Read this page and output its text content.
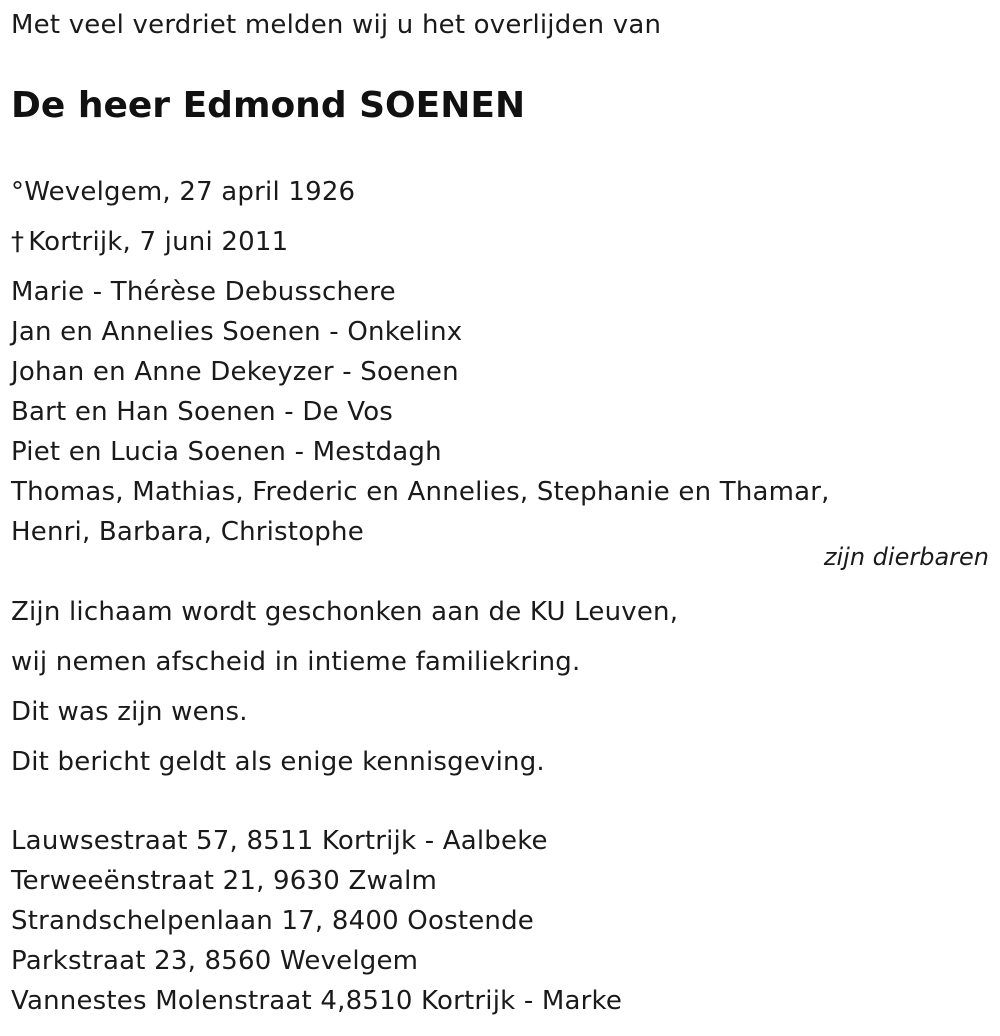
Met veel verdriet melden wij u het overlijden van
De heer Edmond SOENEN
°Wevelgem, 27 april 1926
† Kortrijk, 7 juni 2011
Marie - Thérèse Debusschere
Jan en Annelies Soenen - Onkelinx
Johan en Anne Dekeyzer - Soenen
Bart en Han Soenen - De Vos
Piet en Lucia Soenen - Mestdagh
Thomas, Mathias, Frederic en Annelies, Stephanie en Thamar,
Henri, Barbara, Christophe
zijn dierbaren
Zijn lichaam wordt geschonken aan de KU Leuven,
wij nemen afscheid in intieme familiekring.
Dit was zijn wens.
Dit bericht geldt als enige kennisgeving.
Lauwsestraat 57, 8511 Kortrijk - Aalbeke
Terweeënstraat 21, 9630 Zwalm
Strandschelpenlaan 17, 8400 Oostende
Parkstraat 23, 8560 Wevelgem
Vannestes Molenstraat 4,8510 Kortrijk - Marke
